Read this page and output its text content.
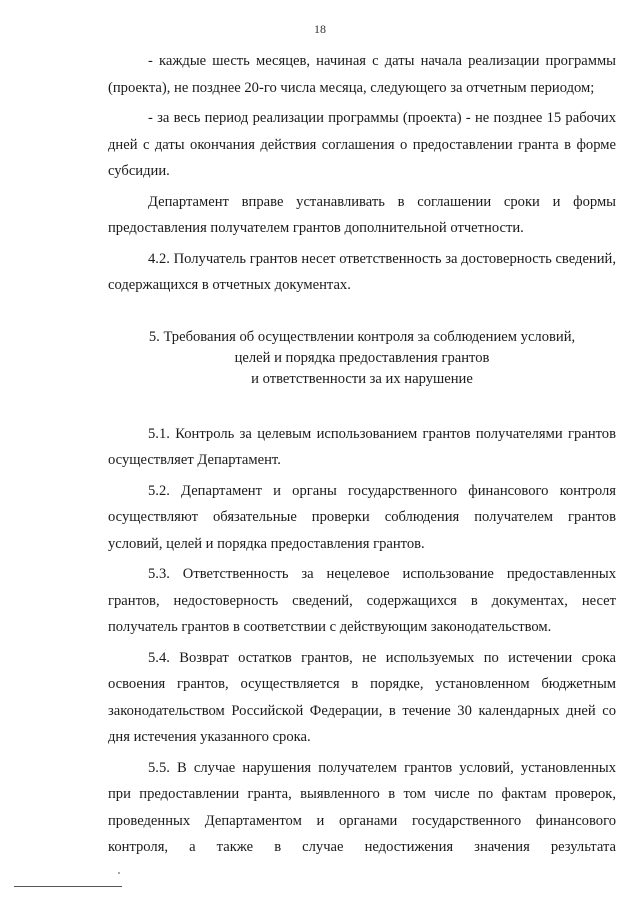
18

- каждые шесть месяцев, начиная с даты начала реализации программы (проекта), не позднее 20-го числа месяца, следующего за отчетным периодом;

- за весь период реализации программы (проекта) - не позднее 15 рабочих дней с даты окончания действия соглашения о предоставлении гранта в форме субсидии.

Департамент вправе устанавливать в соглашении сроки и формы предоставления получателем грантов дополнительной отчетности.

4.2. Получатель грантов несет ответственность за достоверность сведений, содержащихся в отчетных документах.

5. Требования об осуществлении контроля за соблюдением условий,
целей и порядка предоставления грантов
и ответственности за их нарушение

5.1. Контроль за целевым использованием грантов получателями грантов осуществляет Департамент.

5.2. Департамент и органы государственного финансового контроля осуществляют обязательные проверки соблюдения получателем грантов условий, целей и порядка предоставления грантов.

5.3. Ответственность за нецелевое использование предоставленных грантов, недостоверность сведений, содержащихся в документах, несет получатель грантов в соответствии с действующим законодательством.

5.4. Возврат остатков грантов, не используемых по истечении срока освоения грантов, осуществляется в порядке, установленном бюджетным законодательством Российской Федерации, в течение 30 календарных дней со дня истечения указанного срока.

5.5. В случае нарушения получателем грантов условий, установленных при предоставлении гранта, выявленного в том числе по фактам проверок, проведенных Департаментом и органами государственного финансового контроля, а также в случае недостижения значения результата
